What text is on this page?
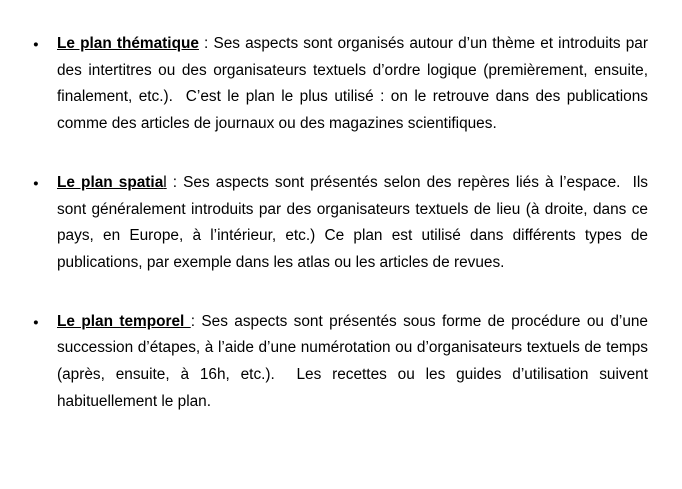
● Le plan thématique : Ses aspects sont organisés autour d’un thème et introduits par des intertitres ou des organisateurs textuels d’ordre logique (premièrement, ensuite, finalement, etc.).  C’est le plan le plus utilisé : on le retrouve dans des publications comme des articles de journaux ou des magazines scientifiques.

● Le plan spatial : Ses aspects sont présentés selon des repères liés à l’espace.  Ils sont généralement introduits par des organisateurs textuels de lieu (à droite, dans ce pays, en Europe, à l’intérieur, etc.) Ce plan est utilisé dans différents types de publications, par exemple dans les atlas ou les articles de revues.

● Le plan temporel : Ses aspects sont présentés sous forme de procédure ou d’une succession d’étapes, à l’aide d’une numérotation ou d’organisateurs textuels de temps (après, ensuite, à 16h, etc.).  Les recettes ou les guides d’utilisation suivent habituellement le plan.
